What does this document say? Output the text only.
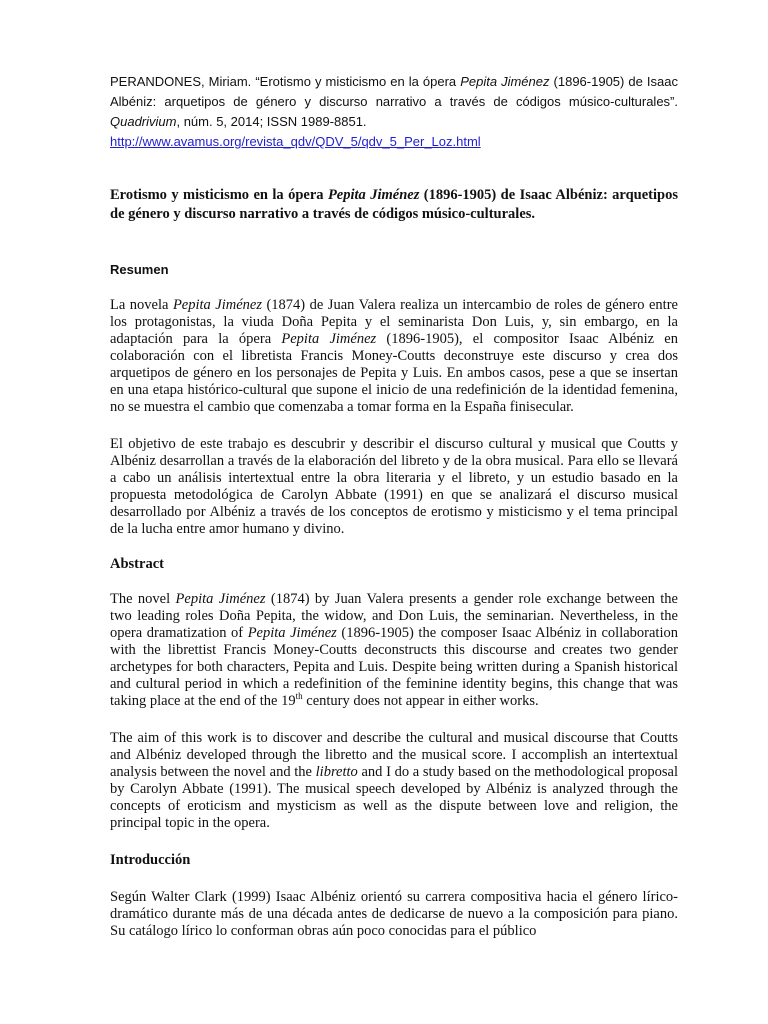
PERANDONES, Miriam. “Erotismo y misticismo en la ópera Pepita Jiménez (1896-1905) de Isaac Albéniz: arquetipos de género y discurso narrativo a través de códigos músico-culturales”. Quadrivium, núm. 5, 2014; ISSN 1989-8851.
http://www.avamus.org/revista_qdv/QDV_5/qdv_5_Per_Loz.html
Erotismo y misticismo en la ópera Pepita Jiménez (1896-1905) de Isaac Albéniz: arquetipos de género y discurso narrativo a través de códigos músico-culturales.
Resumen

La novela Pepita Jiménez (1874) de Juan Valera realiza un intercambio de roles de género entre los protagonistas, la viuda Doña Pepita y el seminarista Don Luis, y, sin embargo, en la adaptación para la ópera Pepita Jiménez (1896-1905), el compositor Isaac Albéniz en colaboración con el libretista Francis Money-Coutts deconstruye este discurso y crea dos arquetipos de género en los personajes de Pepita y Luis. En ambos casos, pese a que se insertan en una etapa histórico-cultural que supone el inicio de una redefinición de la identidad femenina, no se muestra el cambio que comenzaba a tomar forma en la España finisecular.

El objetivo de este trabajo es descubrir y describir el discurso cultural y musical que Coutts y Albéniz desarrollan a través de la elaboración del libreto y de la obra musical. Para ello se llevará a cabo un análisis intertextual entre la obra literaria y el libreto, y un estudio basado en la propuesta metodológica de Carolyn Abbate (1991) en que se analizará el discurso musical desarrollado por Albéniz a través de los conceptos de erotismo y misticismo y el tema principal de la lucha entre amor humano y divino.

Abstract

The novel Pepita Jiménez (1874) by Juan Valera presents a gender role exchange between the two leading roles Doña Pepita, the widow, and Don Luis, the seminarian. Nevertheless, in the opera dramatization of Pepita Jiménez (1896-1905) the composer Isaac Albéniz in collaboration with the librettist Francis Money-Coutts deconstructs this discourse and creates two gender archetypes for both characters, Pepita and Luis. Despite being written during a Spanish historical and cultural period in which a redefinition of the feminine identity begins, this change that was taking place at the end of the 19th century does not appear in either works.

The aim of this work is to discover and describe the cultural and musical discourse that Coutts and Albéniz developed through the libretto and the musical score. I accomplish an intertextual analysis between the novel and the libretto and I do a study based on the methodological proposal by Carolyn Abbate (1991). The musical speech developed by Albéniz is analyzed through the concepts of eroticism and mysticism as well as the dispute between love and religion, the principal topic in the opera.

Introducción

Según Walter Clark (1999) Isaac Albéniz orientó su carrera compositiva hacia el género lírico-dramático durante más de una década antes de dedicarse de nuevo a la composición para piano. Su catálogo lírico lo conforman obras aún poco conocidas para el público
